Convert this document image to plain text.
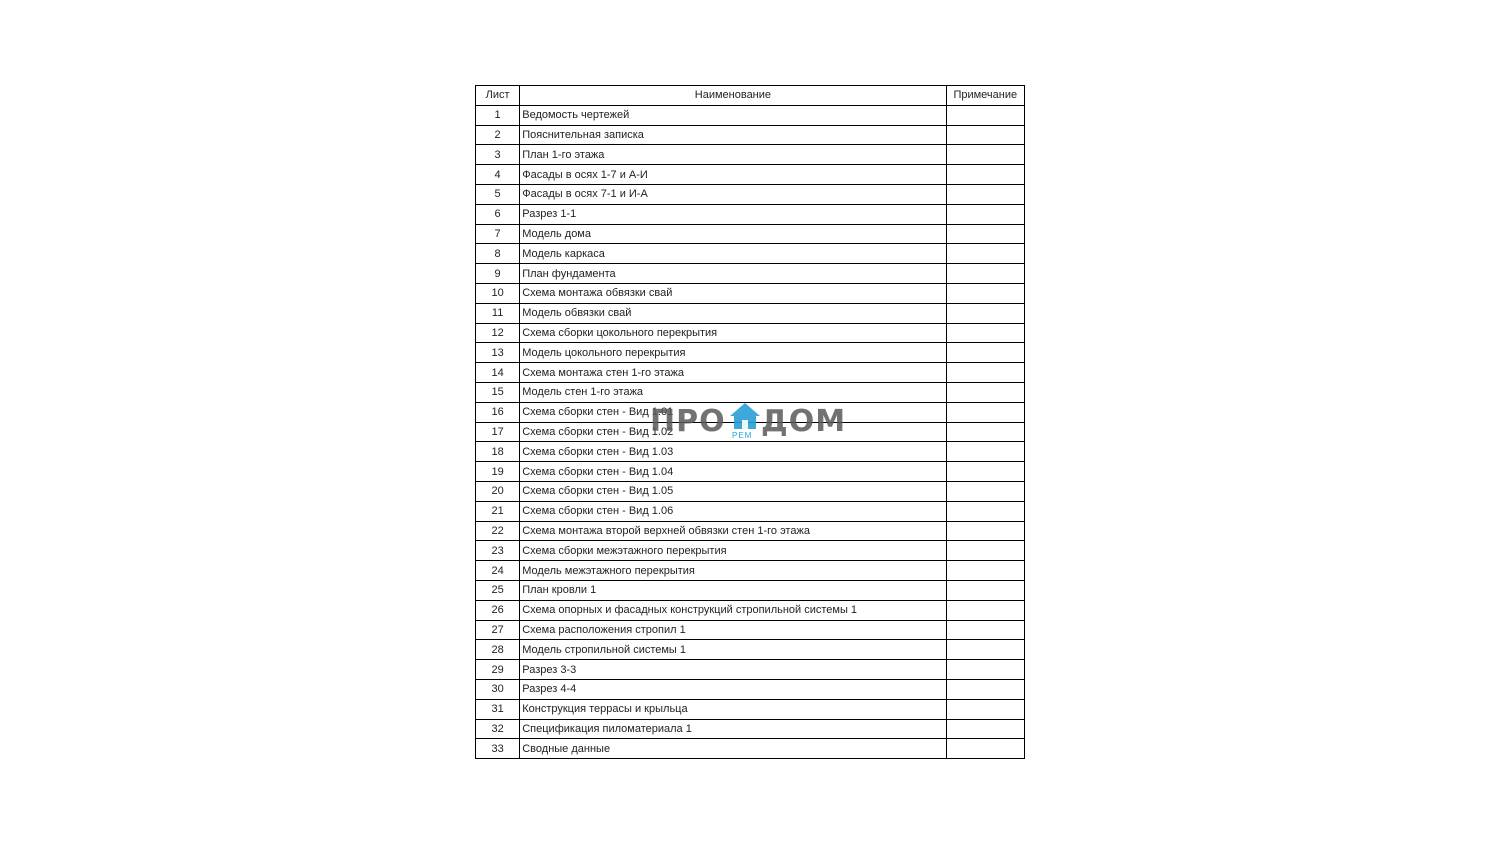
Лист	Наименование	Примечание
1	Ведомость чертежей	
2	Пояснительная записка	
3	План 1-го этажа	
4	Фасады в осях 1-7 и А-И	
5	Фасады в осях 7-1 и И-А	
6	Разрез 1-1	
7	Модель дома	
8	Модель каркаса	
9	План фундамента	
10	Схема монтажа обвязки свай	
11	Модель обвязки свай	
12	Схема сборки цокольного перекрытия	
13	Модель цокольного перекрытия	
14	Схема монтажа стен 1-го этажа	
15	Модель стен 1-го этажа	
16	Схема сборки стен - Вид 1.01	
17	Схема сборки стен - Вид 1.02	
18	Схема сборки стен - Вид 1.03	
19	Схема сборки стен - Вид 1.04	
20	Схема сборки стен - Вид 1.05	
21	Схема сборки стен - Вид 1.06	
22	Схема монтажа второй верхней обвязки стен 1-го этажа	
23	Схема сборки межэтажного перекрытия	
24	Модель межэтажного перекрытия	
25	План кровли 1	
26	Схема опорных и фасадных конструкций стропильной системы 1	
27	Схема расположения стропил 1	
28	Модель стропильной системы 1	
29	Разрез 3-3	
30	Разрез 4-4	
31	Конструкция террасы и крыльца	
32	Спецификация пиломатериала 1	
33	Сводные данные	
ПРО ДОМ
РЕМ
